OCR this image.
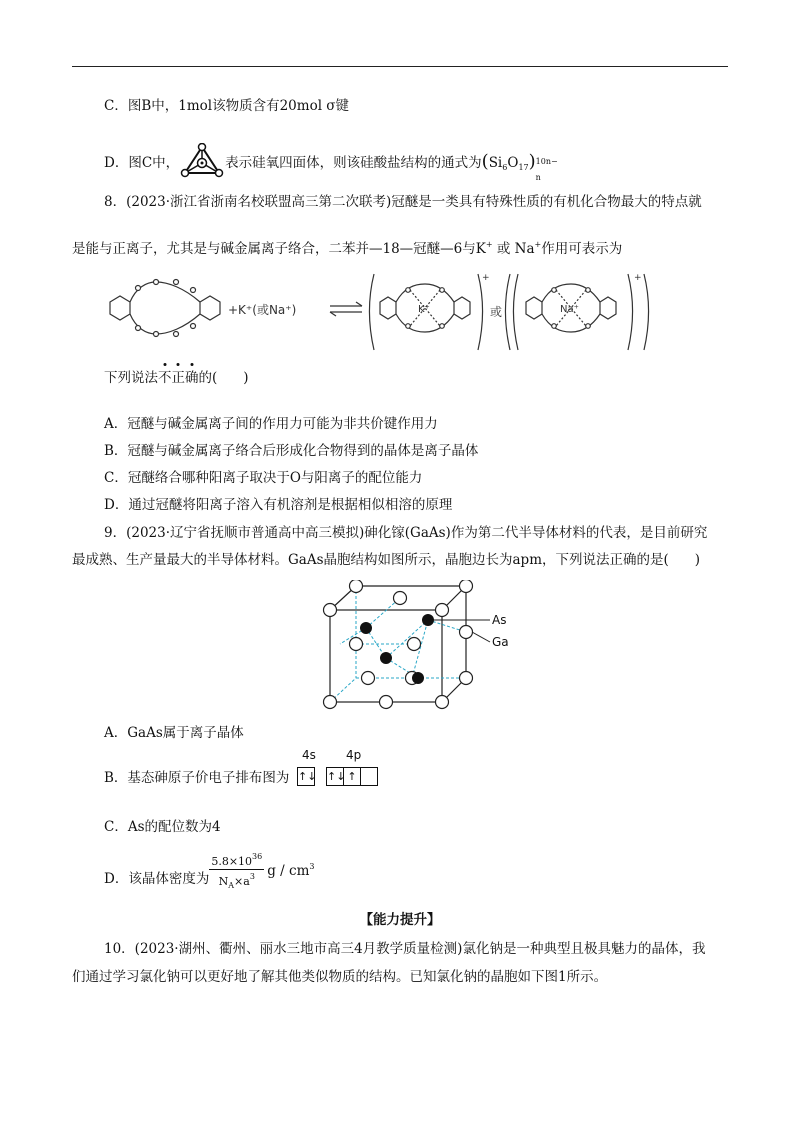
C．图B中，1mol该物质含有20mol σ键
D．图C中，	表示硅氧四面体，则该硅酸盐结构的通式为$(Si_6O_{17})$ 10n−
n
8．(2023·浙江省浙南名校联盟高三第二次联考)冠醚是一类具有特殊性质的有机化合物最大的特点就
是能与正离子，尤其是与碱金属离子络合，二苯并—18—冠醚—6与K+ 或 Na+作用可表示为
+K⁺(或Na⁺)	K⁺
+
或	Na⁺
+
下列说法
不
正
确的( )
A．冠醚与碱金属离子间的作用力可能为非共价键作用力
B．冠醚与碱金属离子络合后形成化合物得到的晶体是离子晶体
C．冠醚络合哪种阳离子取决于O与阳离子的配位能力
D．通过冠醚将阳离子溶入有机溶剂是根据相似相溶的原理
9．(2023·辽宁省抚顺市普通高中高三模拟)砷化镓(GaAs)作为第二代半导体材料的代表，是目前研究
最成熟、生产量最大的半导体材料。GaAs晶胞结构如图所示，晶胞边长为apm，下列说法正确的是( )
As
Ga
A．GaAs属于离子晶体
B．基态砷原子价电子排布图为
4s	4p
↑↓ ↑↓ ↑
C．As的配位数为4
D．该晶体密度为 $\frac{5.8\times 10^{36}}{N_A\times a^3}$ g / $cm^3$
【能力提升】
10．(2023·湖州、衢州、丽水三地市高三4月教学质量检测)氯化钠是一种典型且极具魅力的晶体，我
们通过学习氯化钠可以更好地了解其他类似物质的结构。已知氯化钠的晶胞如下图1所示。
